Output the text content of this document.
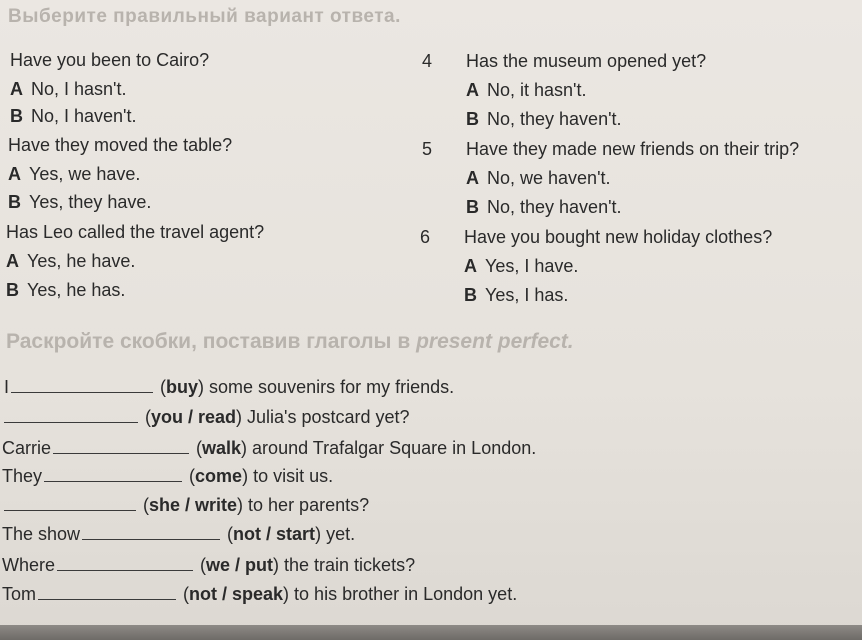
Выберите правильный вариант ответа.
Have you been to Cairo?
A No, I hasn't.
B No, I haven't.
Have they moved the table?
A Yes, we have.
B Yes, they have.
Has Leo called the travel agent?
A Yes, he have.
B Yes, he has.
4 Has the museum opened yet?
A No, it hasn't.
B No, they haven't.
5 Have they made new friends on their trip?
A No, we haven't.
B No, they haven't.
6 Have you bought new holiday clothes?
A Yes, I have.
B Yes, I has.
Раскройте скобки, поставив глаголы в present perfect.
I	(buy) some souvenirs for my friends.
(you / read) Julia's postcard yet?
Carrie	(walk) around Trafalgar Square in London.
They	(come) to visit us.
(she / write) to her parents?
The show	(not / start) yet.
Where	(we / put) the train tickets?
Tom	(not / speak) to his brother in London yet.
